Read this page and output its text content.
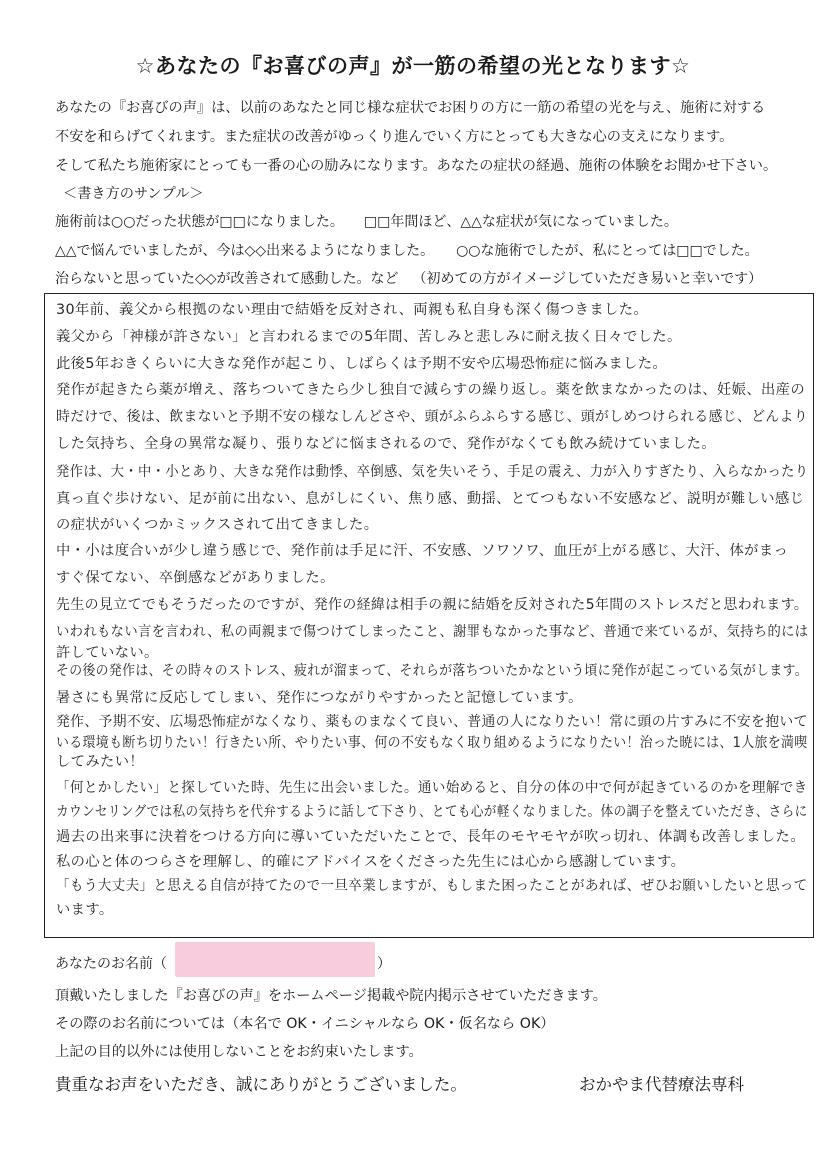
☆あなたの『お喜びの声』が一筋の希望の光となります☆
あなたの『お喜びの声』は、以前のあなたと同じ様な症状でお困りの方に一筋の希望の光を与え、施術に対する
不安を和らげてくれます。また症状の改善がゆっくり進んでいく方にとっても大きな心の支えになります。
そして私たち施術家にとっても一番の心の励みになります。あなたの症状の経過、施術の体験をお聞かせ下さい。
＜書き方のサンプル＞
施術前は○○だった状態が□□になりました。 □□年間ほど、△△な症状が気になっていました。
△△で悩んでいましたが、今は◇◇出来るようになりました。 ○○な施術でしたが、私にとっては□□でした。
治らないと思っていた◇◇が改善されて感動した。など （初めての方がイメージしていただき易いと幸いです）
30年前、義父から根拠のない理由で結婚を反対され、両親も私自身も深く傷つきました。
義父から「神様が許さない」と言われるまでの5年間、苦しみと悲しみに耐え抜く日々でした。
此後5年おきくらいに大きな発作が起こり、しばらくは予期不安や広場恐怖症に悩みました。
発作が起きたら薬が増え、落ちついてきたら少し独自で減らすの繰り返し。薬を飲まなかったのは、妊娠、出産の
時だけで、後は、飲まないと予期不安の様なしんどさや、頭がふらふらする感じ、頭がしめつけられる感じ、どんより
した気持ち、全身の異常な凝り、張りなどに悩まされるので、発作がなくても飲み続けていました。
発作は、大・中・小とあり、大きな発作は動悸、卒倒感、気を失いそう、手足の震え、力が入りすぎたり、入らなかったり
真っ直ぐ歩けない、足が前に出ない、息がしにくい、焦り感、動揺、とてつもない不安感など、説明が難しい感じ
の症状がいくつかミックスされて出てきました。
中・小は度合いが少し違う感じで、発作前は手足に汗、不安感、ソワソワ、血圧が上がる感じ、大汗、体がまっ
すぐ保てない、卒倒感などがありました。
先生の見立てでもそうだったのですが、発作の経緯は相手の親に結婚を反対された5年間のストレスだと思われます。
いわれもない言を言われ、私の両親まで傷つけてしまったこと、謝罪もなかった事など、普通で来ているが、気持ち的には
許していない。
その後の発作は、その時々のストレス、疲れが溜まって、それらが落ちついたかなという頃に発作が起こっている気がします。
暑さにも異常に反応してしまい、発作につながりやすかったと記憶しています。
発作、予期不安、広場恐怖症がなくなり、薬ものまなくて良い、普通の人になりたい！常に頭の片すみに不安を抱いて
いる環境も断ち切りたい！行きたい所、やりたい事、何の不安もなく取り組めるようになりたい！治った暁には、1人旅を満喫
してみたい！
「何とかしたい」と探していた時、先生に出会いました。通い始めると、自分の体の中で何が起きているのかを理解でき
カウンセリングでは私の気持ちを代弁するように話して下さり、とても心が軽くなりました。体の調子を整えていただき、さらに
過去の出来事に決着をつける方向に導いていただいたことで、長年のモヤモヤが吹っ切れ、体調も改善しました。
私の心と体のつらさを理解し、的確にアドバイスをくださった先生には心から感謝しています。
「もう大丈夫」と思える自信が持てたので一旦卒業しますが、もしまた困ったことがあれば、ぜひお願いしたいと思って
います。
あなたのお名前（	）
頂戴いたしました『お喜びの声』をホームページ掲載や院内掲示させていただきます。
その際のお名前については（本名で OK・イニシャルなら OK・仮名なら OK）
上記の目的以外には使用しないことをお約束いたします。
貴重なお声をいただき、誠にありがとうございました。	おかやま代替療法専科
